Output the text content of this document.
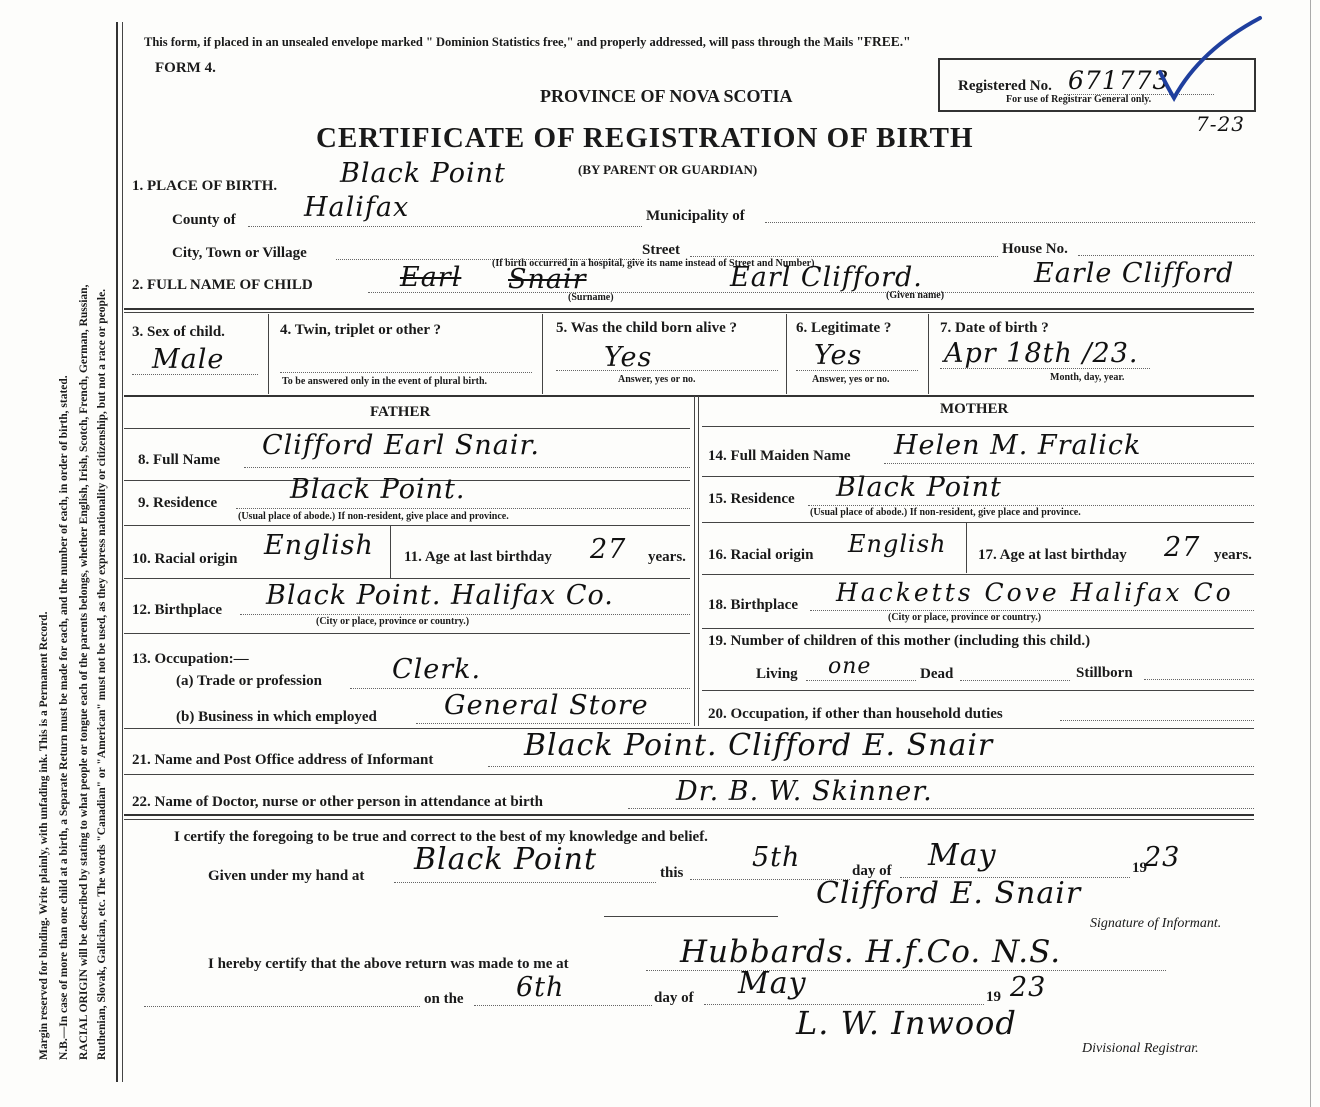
Margin reserved for binding. Write plainly, with unfading ink. This is a Permanent Record. N.B.—In case of more than one child at a birth, a Separate Return must be made for each, and the number of each, in order of birth, stated. RACIAL ORIGIN will be described by stating to what people or tongue each of the parents belongs, whether English, Irish, Scotch, French, German, Russian, Ruthenian, Slovak, Galician, etc. The words "Canadian" or "American" must not be used, as they express nationality or citizenship, but not a race or people.
This form, if placed in an unsealed envelope marked " Dominion Statistics free," and properly addressed, will pass through the Mails "FREE."
FORM 4.
PROVINCE OF NOVA SCOTIA	Registered No. 671773
For use of Registrar General only.
7-23
CERTIFICATE OF REGISTRATION OF BIRTH
(BY PARENT OR GUARDIAN)
1. PLACE OF BIRTH. Black Point
County of	Halifax	Municipality of
City, Town or Village	Street	House No.
(If birth occurred in a hospital, give its name instead of Street and Number)
2. FULL NAME OF CHILD	Earl Snair	Earl Clifford.	Earle Clifford
(Surname)	(Given name)
3. Sex of child.
Male
4. Twin, triplet or other ?
To be answered only in the event of plural birth.
5. Was the child born alive ?
Yes
Answer, yes or no.
6. Legitimate ?
Yes
Answer, yes or no.
7. Date of birth ?
Apr 18th /23.
Month, day, year.
FATHER
8. Full Name Clifford Earl Snair.
9. Residence	Black Point.
(Usual place of abode.) If non-resident, give place and province.
10. Racial origin English 11. Age at last birthday 27 years.
12. Birthplace Black Point. Halifax Co.
(City or place, province or country.)
13. Occupation:—
(a) Trade or profession	Clerk.
(b) Business in which employed General Store
MOTHER
14. Full Maiden Name Helen M. Fralick
15. Residence Black Point
(Usual place of abode.) If non-resident, give place and province.
16. Racial origin English 17. Age at last birthday 27 years.
18. Birthplace Hacketts Cove Halifax Co
(City or place, province or country.)
19. Number of children of this mother (including this child.)
Living one	Dead	Stillborn
20. Occupation, if other than household duties
21. Name and Post Office address of Informant	Black Point. Clifford E. Snair
22. Name of Doctor, nurse or other person in attendance at birth	Dr. B. W. Skinner.
I certify the foregoing to be true and correct to the best of my knowledge and belief.
Given under my hand at Black Point	this	5th	day of May	19
23
Clifford E. Snair
Signature of Informant.
I hereby certify that the above return was made to me at	Hubbards. H.f.Co. N.S.
on the 6th	day of May	19 23
L. W. Inwood
Divisional Registrar.
